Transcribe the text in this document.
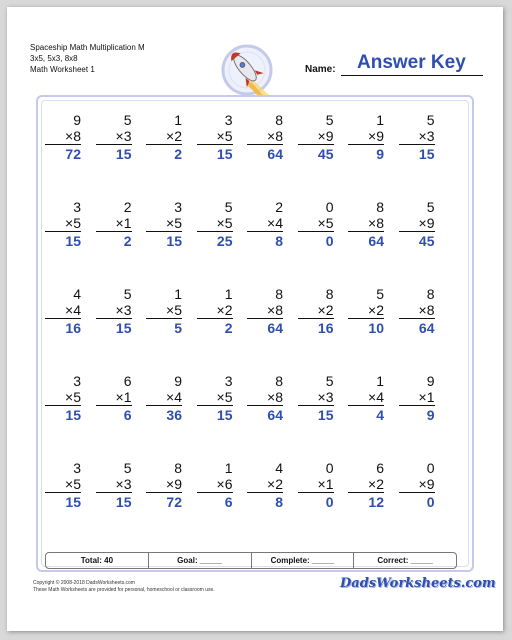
Spaceship Math Multiplication M
3x5, 5x3, 8x8
Math Worksheet 1	Name: Answer Key
9
×8
72
5
×3
15
1
×2
2
3
×5
15
8
×8
64
5
×9
45
1
×9
9
5
×3
15
3
×5
15
2
×1
2
3
×5
15
5
×5
25
2
×4
8
0
×5
0
8
×8
64
5
×9
45
4
×4
16
5
×3
15
1
×5
5
1
×2
2
8
×8
64
8
×2
16
5
×2
10
8
×8
64
3
×5
15
6
×1
6
9
×4
36
3
×5
15
8
×8
64
5
×3
15
1
×4
4
9
×1
9
3
×5
15
5
×3
15
8
×9
72
1
×6
6
4
×2
8
0
×1
0
6
×2
12
0
×9
0
Total: 40	Goal: _____	Complete: _____	Correct: _____
Copyright © 2008-2018 DadsWorksheets.com
These Math Worksheets are provided for personal, homeschool or classroom use.	DadsWorksheets.com
